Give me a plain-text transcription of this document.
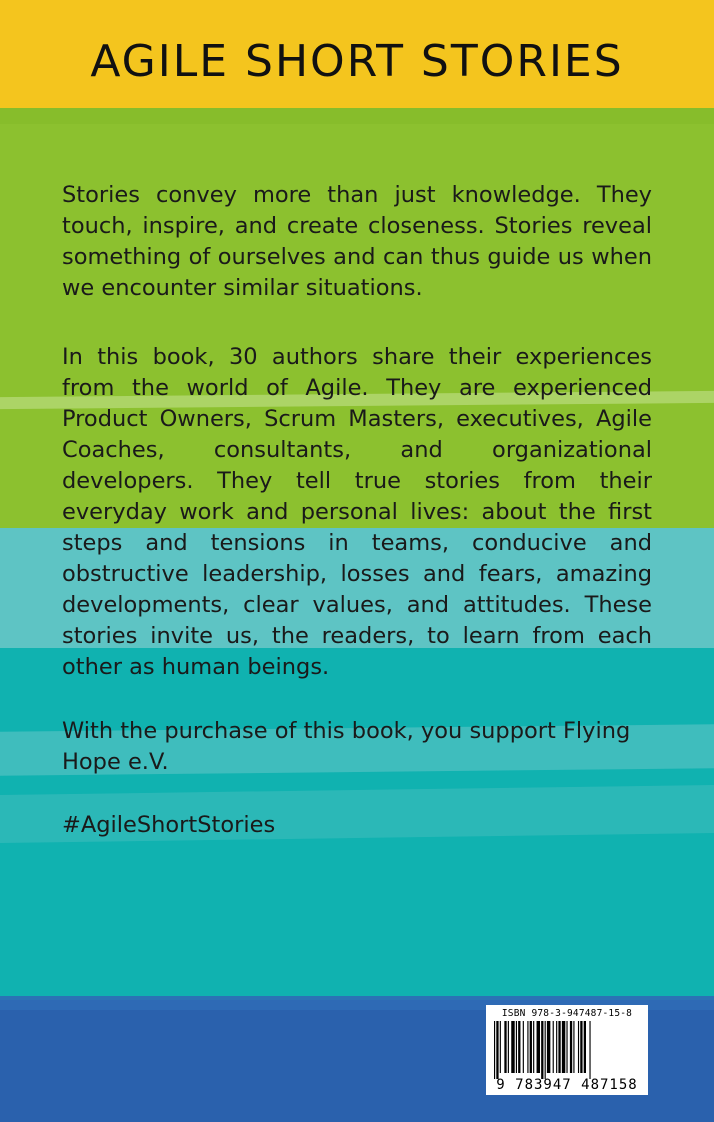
AGILE SHORT STORIES

Stories convey more than just knowledge. They touch, inspire, and create closeness. Stories reveal something of ourselves and can thus guide us when we encounter similar situations.

In this book, 30 authors share their experiences from the world of Agile. They are experienced Product Owners, Scrum Masters, executives, Agile Coaches, consultants, and organizational developers. They tell true stories from their everyday work and personal lives: about the first steps and tensions in teams, conducive and obstructive leadership, losses and fears, amazing developments, clear values, and attitudes. These stories invite us, the readers, to learn from each other as human beings.

With the purchase of this book, you support Flying Hope e.V.

#AgileShortStories

ISBN 978-3-947487-15-8
9 783947 487158
